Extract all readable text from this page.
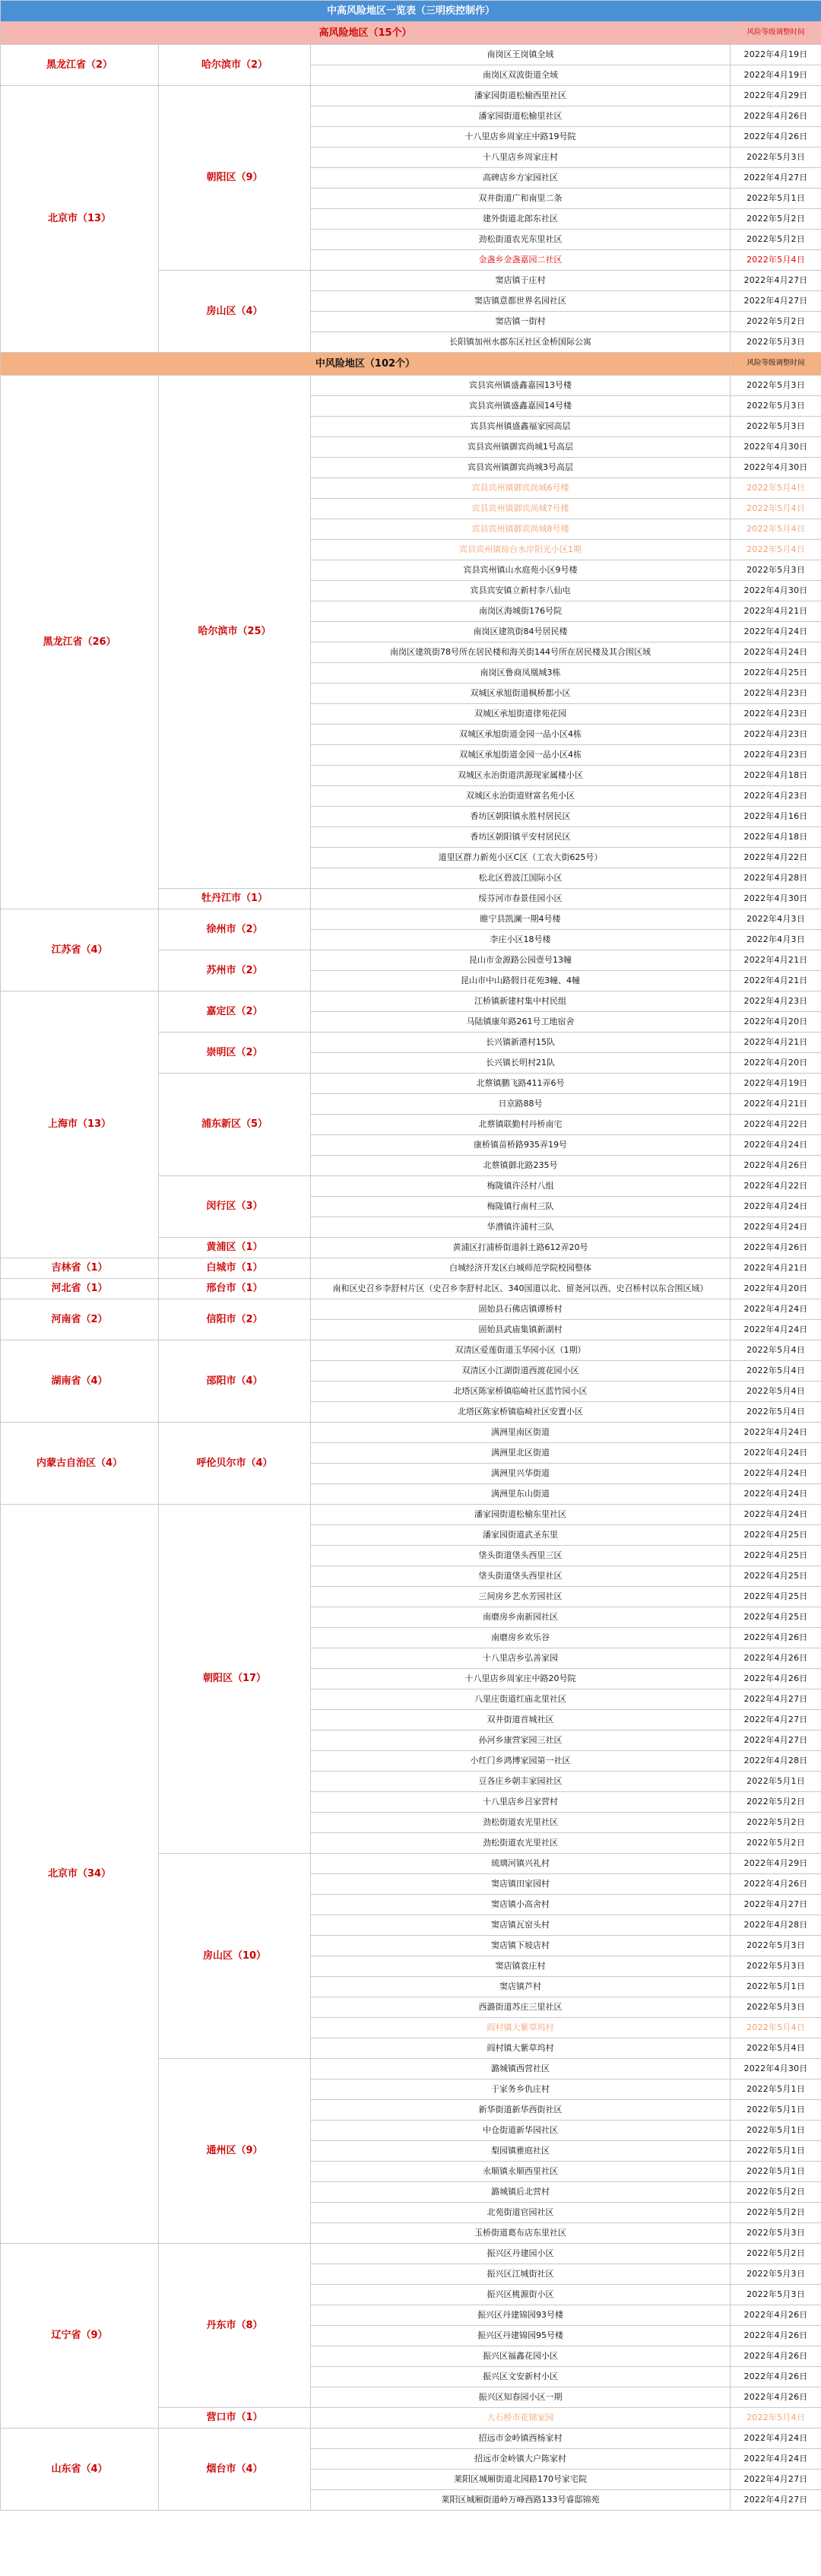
中高风险地区一览表（三明疾控制作）			
高风险地区（15个）			风险等级调整时间
黑龙江省（2）	哈尔滨市（2）	南岗区王岗镇全域	2022年4月19日
		南岗区双波街道全域	2022年4月19日
北京市（13）	朝阳区（9）	潘家园街道松榆西里社区	2022年4月29日
		潘家园街道松榆里社区	2022年4月26日
		十八里店乡周家庄中路19号院	2022年4月26日
		十八里店乡周家庄村	2022年5月3日
		高碑店乡方家园社区	2022年4月27日
		双井街道广和南里二条	2022年5月1日
		建外街道北郎东社区	2022年5月2日
		劲松街道农光东里社区	2022年5月2日
		金盏乡金盏嘉园二社区	2022年5月4日
	房山区（4）	窦店镇于庄村	2022年4月27日
		窦店镇意都世界名园社区	2022年4月27日
		窦店镇一街村	2022年5月2日
		长阳镇加州水郡东区社区金桥国际公寓	2022年5月3日
中风险地区（102个）			风险等级调整时间
黑龙江省（26）	哈尔滨市（25）	宾县宾州镇盛鑫嘉园13号楼	2022年5月3日
		宾县宾州镇盛鑫嘉园14号楼	2022年5月3日
		宾县宾州镇盛鑫福家园高层	2022年5月3日
		宾县宾州镇御宾尚城1号高层	2022年4月30日
		宾县宾州镇御宾尚城3号高层	2022年4月30日
		宾县宾州镇御宾尚城6号楼	2022年5月4日
		宾县宾州镇御宾尚城7号楼	2022年5月4日
		宾县宾州镇御宾尚城8号楼	2022年5月4日
		宾县宾州镇琼台水岸阳光小区1期	2022年5月4日
		宾县宾州镇山水庭苑小区9号楼	2022年5月3日
		宾县宾安镇立新村李八仙屯	2022年4月30日
		南岗区海城街176号院	2022年4月21日
		南岗区建筑街84号居民楼	2022年4月24日
		南岗区建筑街78号所在居民楼和海关街144号所在居民楼及其合围区域	2022年4月24日
		南岗区鲁商凤凰城3栋	2022年4月25日
		双城区承旭街道枫桥都小区	2022年4月23日
		双城区承旭街道律苑花园	2022年4月23日
		双城区承旭街道金园一品小区4栋	2022年4月23日
		双城区承旭街道金园一品小区4栋	2022年4月23日
		双城区永治街道洪源现家属楼小区	2022年4月18日
		双城区永治街道财富名苑小区	2022年4月23日
		香坊区朝阳镇永胜村居民区	2022年4月16日
		香坊区朝阳镇平安村居民区	2022年4月18日
		道里区群力新苑小区C区（工农大街625号）	2022年4月22日
		松北区碧波江国际小区	2022年4月28日
	牡丹江市（1）	绥芬河市春景佳园小区	2022年4月30日
江苏省（4）	徐州市（2）	睢宁县凯澜一期4号楼	2022年4月3日
		李庄小区18号楼	2022年4月3日
	苏州市（2）	昆山市金源路公园壹号13幢	2022年4月21日
		昆山市中山路假日花苑3幢、4幢	2022年4月21日
上海市（13）	嘉定区（2）	江桥镇新建村集中村民组	2022年4月23日
		马陆镇康年路261号工地宿舍	2022年4月20日
	崇明区（2）	长兴镇新港村15队	2022年4月21日
		长兴镇长明村21队	2022年4月20日
	浦东新区（5）	北蔡镇鹏飞路411弄6号	2022年4月19日
		日京路88号	2022年4月21日
		北蔡镇联勤村丹桥南宅	2022年4月22日
		康桥镇苗桥路935弄19号	2022年4月24日
		北蔡镇御北路235号	2022年4月26日
	闵行区（3）	梅陇镇许泾村八组	2022年4月22日
		梅陇镇行南村三队	2022年4月24日
		华漕镇许浦村三队	2022年4月24日
	黄浦区（1）	黄浦区打浦桥街道斜土路612弄20号	2022年4月26日
吉林省（1）	白城市（1）	白城经济开发区白城师范学院校园整体	2022年4月21日
河北省（1）	邢台市（1）	南和区史召乡李舒村片区（史召乡李舒村北区、340国道以北、留尧河以西、史召桥村以东合围区域）	2022年4月20日
河南省（2）	信阳市（2）	固始县石佛店镇谭桥村	2022年4月24日
		固始县武庙集镇新湖村	2022年4月24日
湖南省（4）	邵阳市（4）	双清区爱莲街道玉华园小区（1期）	2022年5月4日
		双清区小江湖街道西渡花园小区	2022年5月4日
		北塔区陈家桥镇临崎社区蓝竹园小区	2022年5月4日
		北塔区陈家桥镇临崎社区安置小区	2022年5月4日
内蒙古自治区（4）	呼伦贝尔市（4）	满洲里南区街道	2022年4月24日
		满洲里北区街道	2022年4月24日
		满洲里兴华街道	2022年4月24日
		满洲里东山街道	2022年4月24日
北京市（34）	朝阳区（17）	潘家园街道松榆东里社区	2022年4月24日
		潘家园街道武圣东里	2022年4月25日
		垡头街道垡头西里三区	2022年4月25日
		垡头街道垡头西里社区	2022年4月25日
		三间房乡艺水芳园社区	2022年4月25日
		南磨房乡南新园社区	2022年4月25日
		南磨房乡欢乐谷	2022年4月26日
		十八里店乡弘善家园	2022年4月26日
		十八里店乡周家庄中路20号院	2022年4月26日
		八里庄街道红庙北里社区	2022年4月27日
		双井街道首城社区	2022年4月27日
		孙河乡康营家园三社区	2022年4月27日
		小红门乡鸿博家园第一社区	2022年4月28日
		豆各庄乡朝丰家园社区	2022年5月1日
		十八里店乡吕家营村	2022年5月2日
		劲松街道农光里社区	2022年5月2日
		劲松街道农光里社区	2022年5月2日
	房山区（10）	琉璃河镇兴礼村	2022年4月29日
		窦店镇田家园村	2022年4月26日
		窦店镇小高舍村	2022年4月27日
		窦店镇瓦窑头村	2022年4月28日
		窦店镇下坡店村	2022年5月3日
		窦店镇袁庄村	2022年5月3日
		窦店镇芦村	2022年5月1日
		西潞街道苏庄三里社区	2022年5月3日
		阎村镇大紫草坞村	2022年5月4日
		阎村镇大紫草坞村	2022年5月4日
	通州区（9）	潞城镇西营社区	2022年4月30日
		于家务乡仇庄村	2022年5月1日
		新华街道新华西街社区	2022年5月1日
		中仓街道新华园社区	2022年5月1日
		梨园镇雅庭社区	2022年5月1日
		永顺镇永顺西里社区	2022年5月1日
		潞城镇后北营村	2022年5月2日
		北苑街道官园社区	2022年5月2日
		玉桥街道葛布店东里社区	2022年5月3日
辽宁省（9）	丹东市（8）	振兴区丹建园小区	2022年5月2日
		振兴区江城街社区	2022年5月3日
		振兴区桃源街小区	2022年5月3日
		振兴区丹建锦园93号楼	2022年4月26日
		振兴区丹建锦园95号楼	2022年4月26日
		振兴区福鑫花园小区	2022年4月26日
		振兴区文安新村小区	2022年4月26日
		振兴区知春园小区一期	2022年4月26日
	营口市（1）	大石桥市花锦家园	2022年5月4日
山东省（4）	烟台市（4）	招远市金岭镇西杨家村	2022年4月24日
		招远市金岭镇大户陈家村	2022年4月24日
		莱阳区城厢街道北园路170号家宅院	2022年4月27日
		莱阳区城厢街道岭万峰西路133号睿邸锦苑	2022年4月27日
